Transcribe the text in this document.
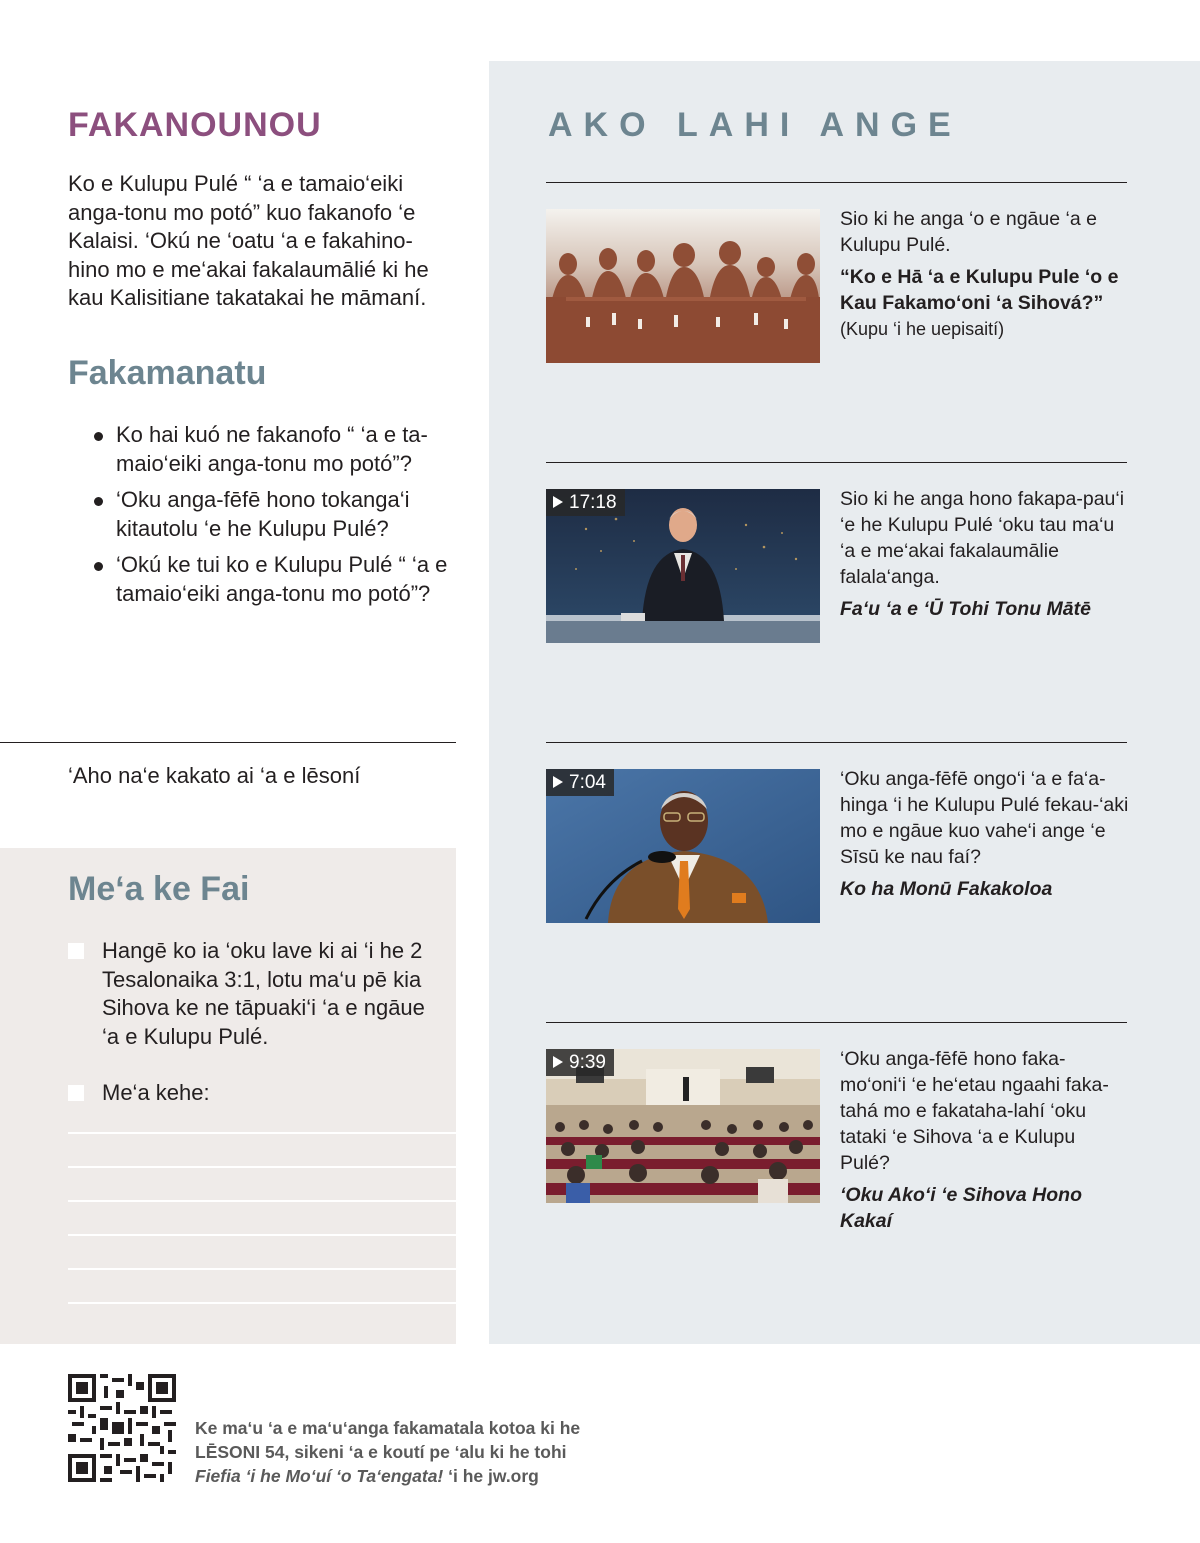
FAKANOUNOU

Ko e Kulupu Pulé “ ‘a e tamaio‘eiki anga-tonu mo potó” kuo fakanofo ‘e Kalaisi. ‘Okú ne ‘oatu ‘a e fakahino-hino mo e me‘akai fakalaumālié ki he kau Kalisitiane takatakai he māmaní.

Fakamanatu
Ko hai kuó ne fakanofo “ ‘a e ta-maio‘eiki anga-tonu mo potó”?
‘Oku anga-fēfē hono tokanga‘i kitautolu ‘e he Kulupu Pulé?
‘Okú ke tui ko e Kulupu Pulé “ ‘a e tamaio‘eiki anga-tonu mo potó”?
‘Aho na‘e kakato ai ‘a e lēsoní
Me‘a ke Fai
Hangē ko ia ‘oku lave ki ai ‘i he 2 Tesalonaika 3:1, lotu ma‘u pē kia Sihova ke ne tāpuaki‘i ‘a e ngāue ‘a e Kulupu Pulé.
Me‘a kehe:
AKO LAHI ANGE
Sio ki he anga ‘o e ngāue ‘a e Kulupu Pulé.
“Ko e Hā ‘a e Kulupu Pule ‘o e Kau Fakamo‘oni ‘a Sihová?”
(Kupu ‘i he uepisaití)
17:18	Sio ki he anga hono fakapa-pau‘i ‘e he Kulupu Pulé ‘oku tau ma‘u ‘a e me‘akai fakalaumālie falala‘anga.
Fa‘u ‘a e ‘Ū Tohi Tonu Mātē
7:04	‘Oku anga-fēfē ongo‘i ‘a e fa‘a-hinga ‘i he Kulupu Pulé fekau-‘aki mo e ngāue kuo vahe‘i ange ‘e Sīsū ke nau faí?
Ko ha Monū Fakakoloa
9:39	‘Oku anga-fēfē hono faka-mo‘oni‘i ‘e he‘etau ngaahi faka-tahá mo e fakataha-lahí ‘oku tataki ‘e Sihova ‘a e Kulupu Pulé?
‘Oku Ako‘i ‘e Sihova Hono Kakaí
Ke ma‘u ‘a e ma‘u‘anga fakamatala kotoa ki he
LĒSONI 54, sikeni ‘a e koutí pe ‘alu ki he tohi
Fiefia ‘i he Mo‘uí ‘o Ta‘engata! ‘i he jw.org
